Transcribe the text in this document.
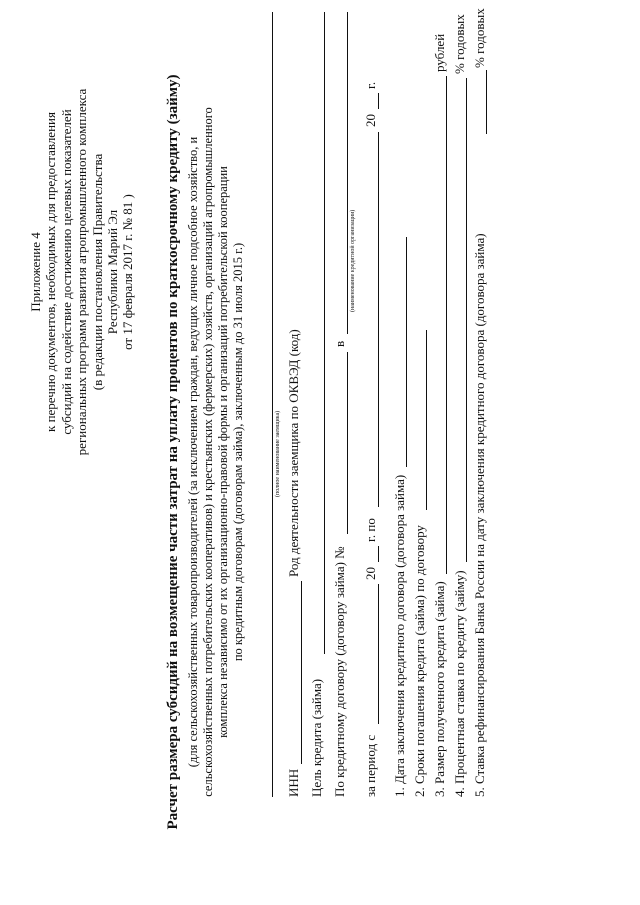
Приложение 4 к перечню документов, необходимых для предоставления субсидий на содействие достижению целевых показателей региональных программ развития агропромышленного комплекса (в редакции постановления Правительства Республики Марий Эл от 17 февраля 2017 г. № 81 ) Расчет размера субсидий на возмещение части затрат на уплату процентов по краткосрочному кредиту (займу) (для сельскохозяйственных товаропроизводителей (за исключением граждан, ведущих личное подсобное хозяйство, и сельскохозяйственных потребительских кооперативов) и крестьянских (фермерских) хозяйств, организаций агропромышленного комплекса независимо от их организационно-правовой формы и организаций потребительской кооперации по кредитным договорам (договорам займа), заключенным до 31 июля 2015 г.)	(полное наименование заемщика)
ИНН
Род деятельности заемщика по ОКВЭД (код)
Цель кредита (займа) По кредитному договору (договору займа) №
в
(наименование кредитной организации)
за период с
20
г. по
20
г.
1. Дата заключения кредитного договора (договора займа) 2. Сроки погашения кредита (займа) по договору 3. Размер полученного кредита (займа)
рублей
4. Процентная ставка по кредиту (займу)
% годовых
5. Ставка рефинансирования Банка России на дату заключения кредитного договора (договора займа)
% годовых
